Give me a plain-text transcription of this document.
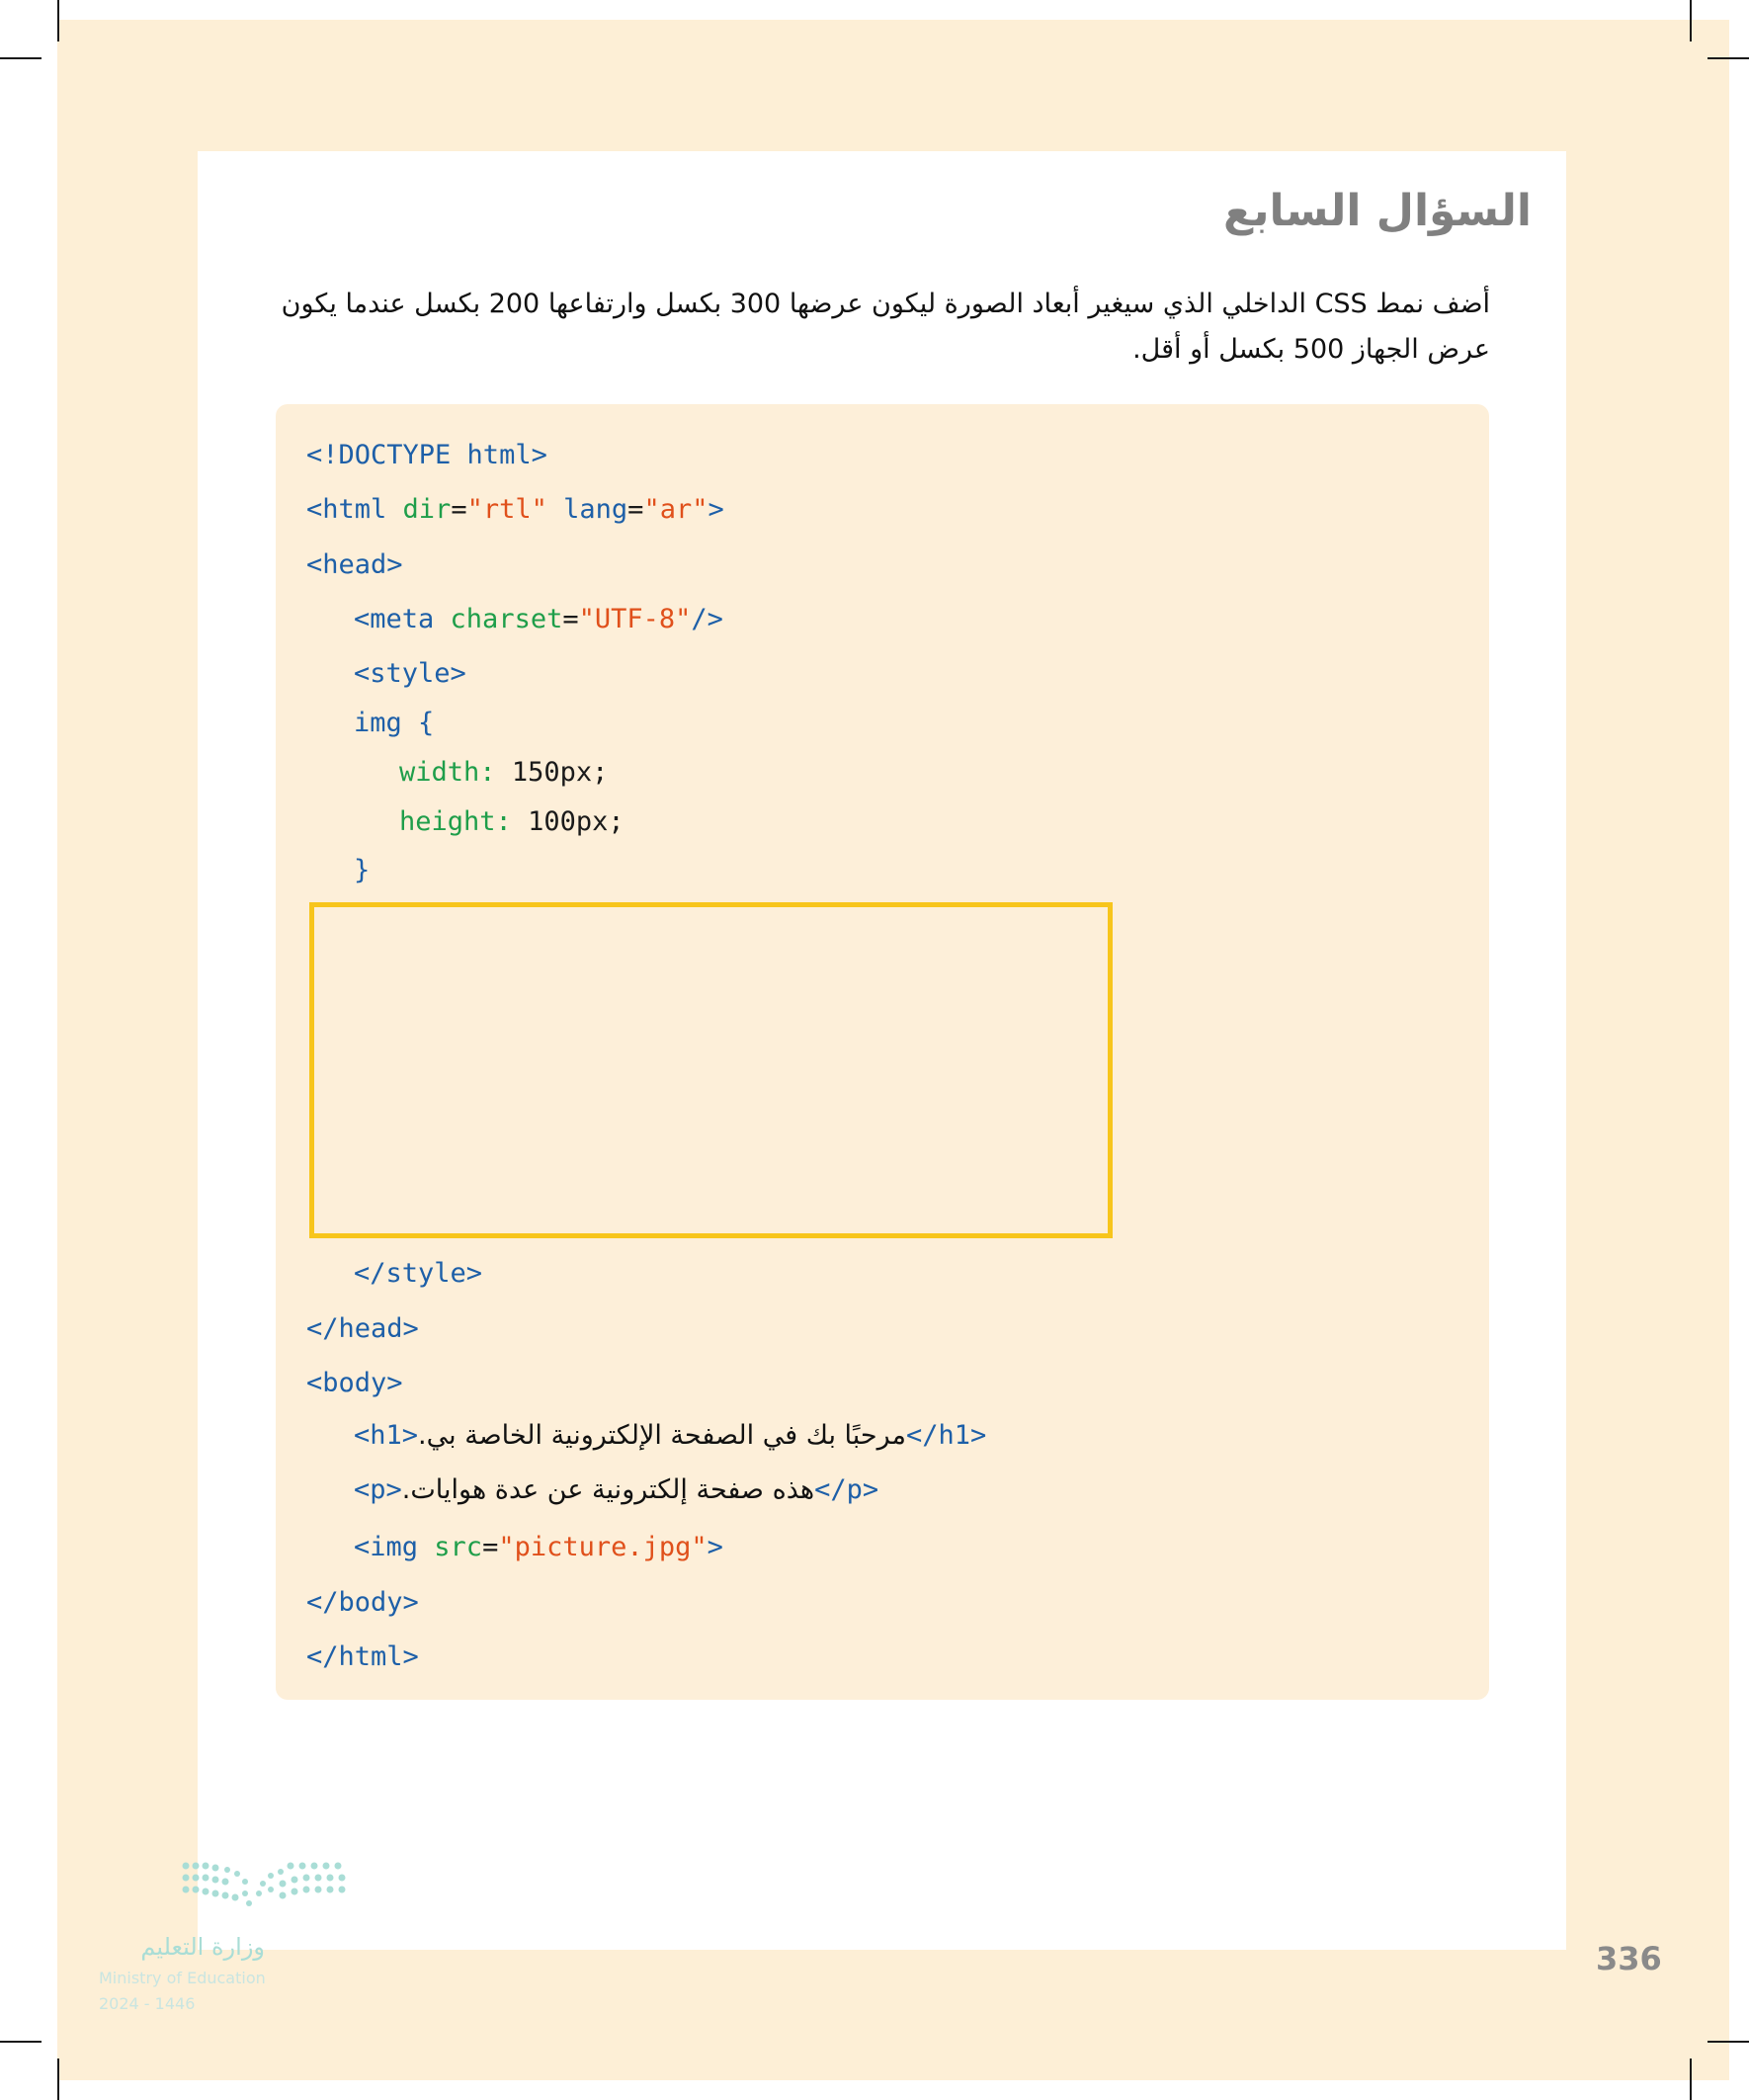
السؤال السابع

أضف نمط CSS الداخلي الذي سيغير أبعاد الصورة ليكون عرضها 300 بكسل وارتفاعها 200 بكسل عندما يكون عرض الجهاز 500 بكسل أو أقل.

<!DOCTYPE html>
<html dir="rtl" lang="ar">
<head>
<meta charset="UTF-8"/>
<style>
img {
width: 150px;
height: 100px;
}
</style>
</head>
<body>
<h1>مرحبًا بك في الصفحة الإلكترونية الخاصة بي.</h1>
<p>هذه صفحة إلكترونية عن عدة هوايات.</p>
<img src="picture.jpg">
</body>
</html>
336
وزارة التعليم
Ministry of Education
2024 - 1446
